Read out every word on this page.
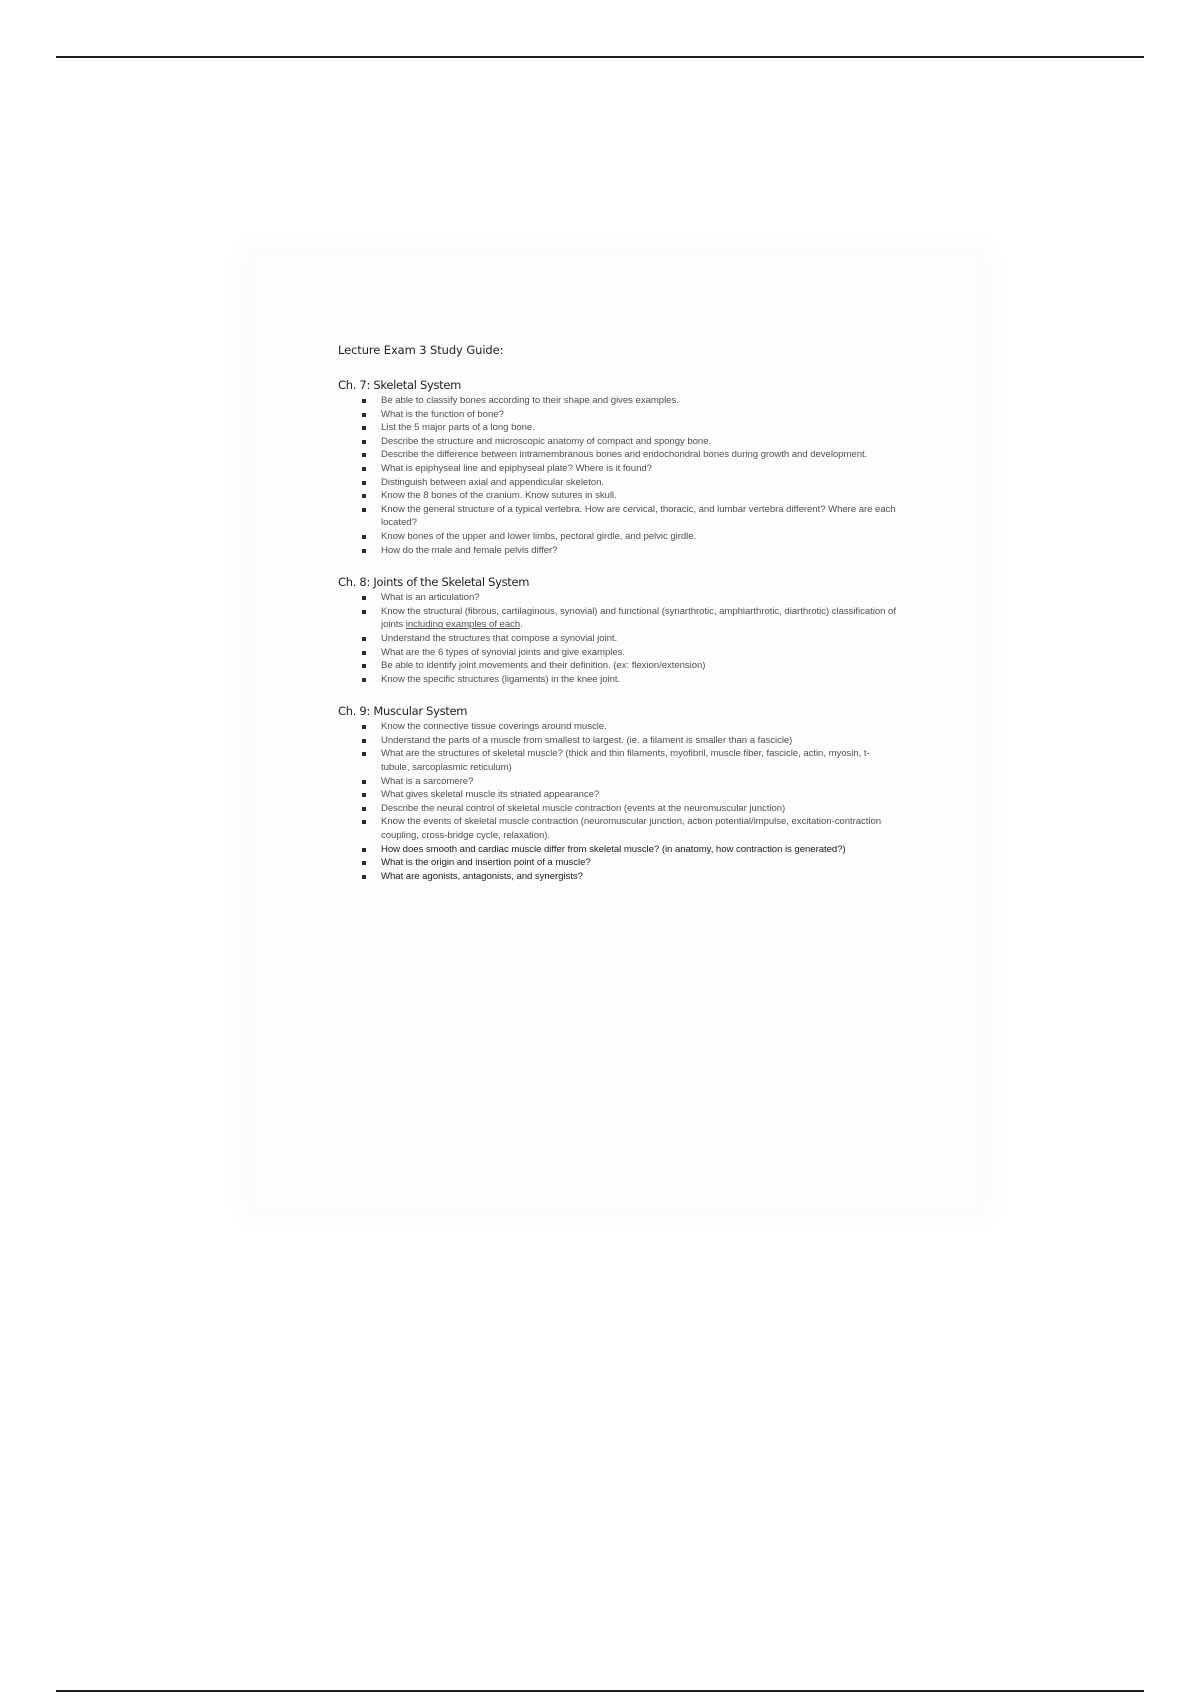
Lecture Exam 3 Study Guide:
Ch. 7: Skeletal System
Be able to classify bones according to their shape and gives examples.
What is the function of bone?
List the 5 major parts of a long bone.
Describe the structure and microscopic anatomy of compact and spongy bone.
Describe the difference between intramembranous bones and endochondral bones during growth and development.
What is epiphyseal line and epiphyseal plate? Where is it found?
Distinguish between axial and appendicular skeleton.
Know the 8 bones of the cranium. Know sutures in skull.
Know the general structure of a typical vertebra. How are cervical, thoracic, and lumbar vertebra different? Where are each located?
Know bones of the upper and lower limbs, pectoral girdle, and pelvic girdle.
How do the male and female pelvis differ?
Ch. 8: Joints of the Skeletal System
What is an articulation?
Know the structural (fibrous, cartilaginous, synovial) and functional (synarthrotic, amphiarthrotic, diarthrotic) classification of joints including examples of each.
Understand the structures that compose a synovial joint.
What are the 6 types of synovial joints and give examples.
Be able to identify joint movements and their definition. (ex: flexion/extension)
Know the specific structures (ligaments) in the knee joint.
Ch. 9: Muscular System
Know the connective tissue coverings around muscle.
Understand the parts of a muscle from smallest to largest. (ie. a filament is smaller than a fascicle)
What are the structures of skeletal muscle? (thick and thin filaments, myofibril, muscle fiber, fascicle, actin, myosin, t-tubule, sarcoplasmic reticulum)
What is a sarcomere?
What gives skeletal muscle its striated appearance?
Describe the neural control of skeletal muscle contraction (events at the neuromuscular junction)
Know the events of skeletal muscle contraction (neuromuscular junction, action potential/impulse, excitation-contraction coupling, cross-bridge cycle, relaxation).
How does smooth and cardiac muscle differ from skeletal muscle? (in anatomy, how contraction is generated?)
What is the origin and insertion point of a muscle?
What are agonists, antagonists, and synergists?
